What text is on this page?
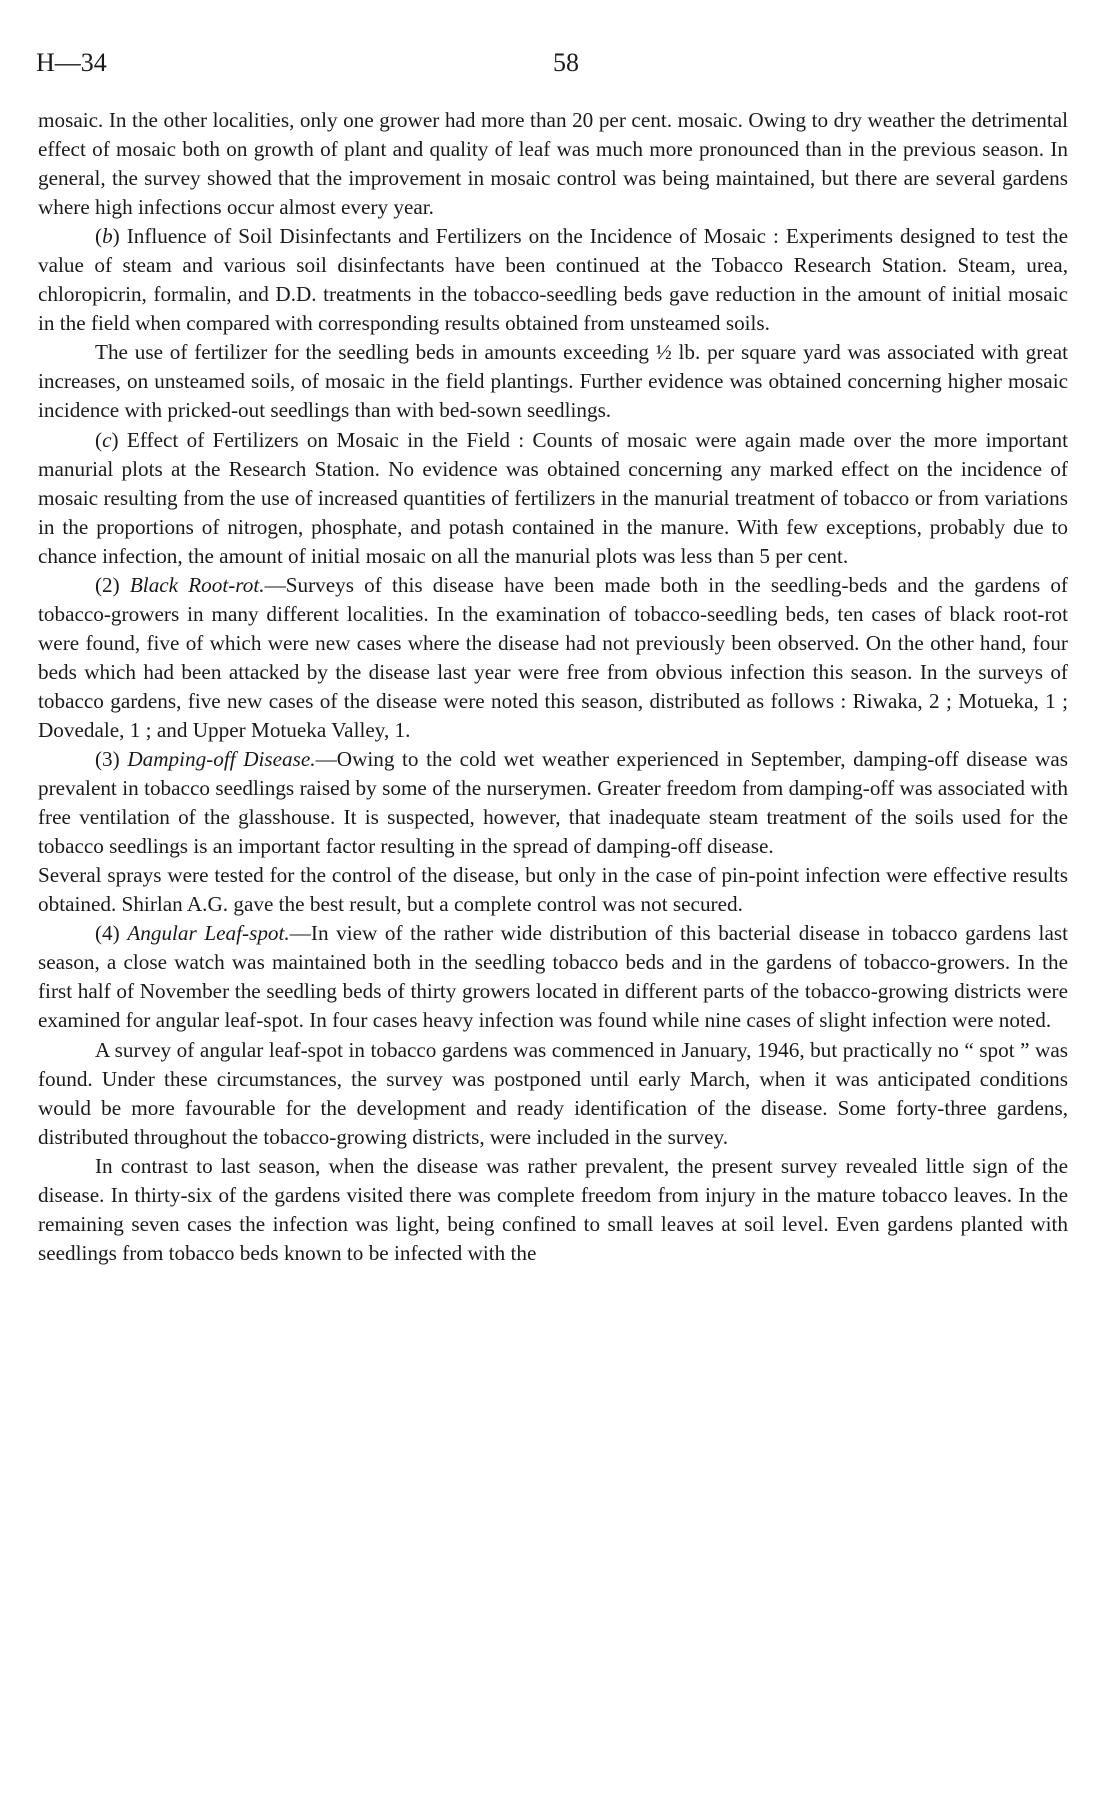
H—34	58

mosaic. In the other localities, only one grower had more than 20 per cent. mosaic. Owing to dry weather the detrimental effect of mosaic both on growth of plant and quality of leaf was much more pronounced than in the previous season. In general, the survey showed that the improvement in mosaic control was being maintained, but there are several gardens where high infections occur almost every year.

(b) Influence of Soil Disinfectants and Fertilizers on the Incidence of Mosaic : Experiments designed to test the value of steam and various soil disinfectants have been continued at the Tobacco Research Station. Steam, urea, chloropicrin, formalin, and D.D. treatments in the tobacco-seedling beds gave reduction in the amount of initial mosaic in the field when compared with corresponding results obtained from unsteamed soils.

The use of fertilizer for the seedling beds in amounts exceeding ½ lb. per square yard was associated with great increases, on unsteamed soils, of mosaic in the field plantings. Further evidence was obtained concerning higher mosaic incidence with pricked-out seedlings than with bed-sown seedlings.

(c) Effect of Fertilizers on Mosaic in the Field : Counts of mosaic were again made over the more important manurial plots at the Research Station. No evidence was obtained concerning any marked effect on the incidence of mosaic resulting from the use of increased quantities of fertilizers in the manurial treatment of tobacco or from variations in the proportions of nitrogen, phosphate, and potash contained in the manure. With few exceptions, probably due to chance infection, the amount of initial mosaic on all the manurial plots was less than 5 per cent.

(2) Black Root-rot.—Surveys of this disease have been made both in the seedling-beds and the gardens of tobacco-growers in many different localities. In the examination of tobacco-seedling beds, ten cases of black root-rot were found, five of which were new cases where the disease had not previously been observed. On the other hand, four beds which had been attacked by the disease last year were free from obvious infection this season. In the surveys of tobacco gardens, five new cases of the disease were noted this season, distributed as follows : Riwaka, 2 ; Motueka, 1 ; Dovedale, 1 ; and Upper Motueka Valley, 1.

(3) Damping-off Disease.—Owing to the cold wet weather experienced in September, damping-off disease was prevalent in tobacco seedlings raised by some of the nurserymen. Greater freedom from damping-off was associated with free ventilation of the glasshouse. It is suspected, however, that inadequate steam treatment of the soils used for the tobacco seedlings is an important factor resulting in the spread of damping-off disease.

Several sprays were tested for the control of the disease, but only in the case of pin-point infection were effective results obtained. Shirlan A.G. gave the best result, but a complete control was not secured.

(4) Angular Leaf-spot.—In view of the rather wide distribution of this bacterial disease in tobacco gardens last season, a close watch was maintained both in the seedling tobacco beds and in the gardens of tobacco-growers. In the first half of November the seedling beds of thirty growers located in different parts of the tobacco-growing districts were examined for angular leaf-spot. In four cases heavy infection was found while nine cases of slight infection were noted.

A survey of angular leaf-spot in tobacco gardens was commenced in January, 1946, but practically no “ spot ” was found. Under these circumstances, the survey was postponed until early March, when it was anticipated conditions would be more favourable for the development and ready identification of the disease. Some forty-three gardens, distributed throughout the tobacco-growing districts, were included in the survey.

In contrast to last season, when the disease was rather prevalent, the present survey revealed little sign of the disease. In thirty-six of the gardens visited there was complete freedom from injury in the mature tobacco leaves. In the remaining seven cases the infection was light, being confined to small leaves at soil level. Even gardens planted with seedlings from tobacco beds known to be infected with the
